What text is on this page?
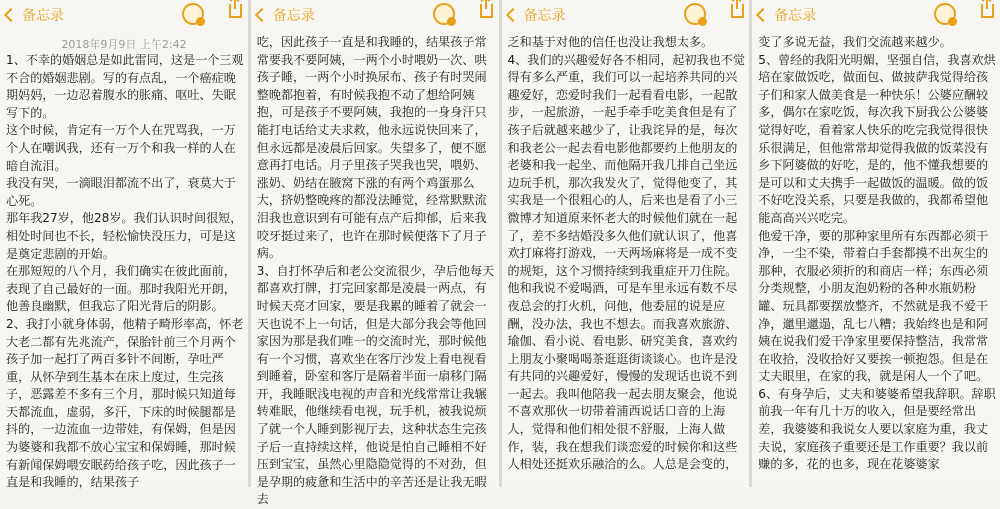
备忘录
2018年9月9日 上午2:42
1、不幸的婚姻总是如此雷同，这是一个三观不合的婚姻悲剧。写的有点乱，一个癌症晚期妈妈，一边忍着腹水的胀痛、呕吐、失眠写下的。
这个时候，肯定有一万个人在咒骂我，一万个人在嘲讽我，还有一万个和我一样的人在暗自流泪。
我没有哭，一滴眼泪都流不出了，衰莫大于心死。
那年我27岁，他28岁。我们认识时间很短，相处时间也不长，轻松愉快没压力，可是这是奠定悲剧的开始。
在那短短的八个月，我们确实在彼此面前，表现了自己最好的一面。那时我阳光开朗，他善良幽默，但我忘了阳光背后的阴影。
2、我打小就身体弱，他精子畸形率高，怀老大老二都有先兆流产，保胎针前三个月两个孩子加一起打了两百多针不间断，孕吐严重，从怀孕到生基本在床上度过，生完孩子，恶露差不多有三个月，那时候只知道每天都流血，虚弱，多汗，下床的时候腿都是抖的，一边流血一边带娃，有保姆，但是因为婆婆和我都不放心宝宝和保姆睡，那时候有新闻保姆喂安眠药给孩子吃，因此孩子一直是和我睡的，结果孩子
备忘录
吃，因此孩子一直是和我睡的，结果孩子常常要我不要阿姨，一两个小时喂奶一次、哄孩子睡，一两个小时换尿布、孩子有时哭闹整晚都抱着，有时候我抱不动了想给阿姨抱，可是孩子不要阿姨，我抱的一身身汗只能打电话给丈夫求救，他永远说快回来了，但永远都是凌晨后回家。失望多了，便不愿意再打电话。月子里孩子哭我也哭，喂奶、涨奶、奶结在腋窝下涨的有两个鸡蛋那么大，挤奶整晚疼的都没法睡觉，经常默默流泪我也意识到有可能有点产后抑郁，后来我咬牙挺过来了，也许在那时候便落下了月子病。
3、自打怀孕后和老公交流很少，孕后他每天都喜欢打牌，打完回家都是凌晨一两点，有时候天亮才回家，要是我累的睡着了就会一天也说不上一句话，但是大部分我会等他回家因为那是我们唯一的交流时光，那时候他有一个习惯，喜欢坐在客厅沙发上看电视看到睡着，卧室和客厅是隔着半面一扇移门隔开，我睡眠浅电视的声音和光线常常让我辗转难眠，他继续看电视，玩手机，被我说烦了就一个人睡到影视厅去，这种状态生完孩子后一直持续这样，他说是怕自己睡相不好压到宝宝，虽然心里隐隐觉得的不对劲，但是孕期的疲惫和生活中的辛苦还是让我无暇去
备忘录
乏和基于对他的信任也没让我想太多。
4、我们的兴趣爱好各不相同，起初我也不觉得有多么严重，我们可以一起培养共同的兴趣爱好，恋爱时我们一起看看电影，一起散步，一起旅游，一起手牵手吃美食但是有了孩子后就越来越少了，让我诧异的是，每次和我老公一起去看电影他都要约上他朋友的老婆和我一起坐、而他隔开我几排自己坐远边玩手机，那次我发火了，觉得他变了，其实我是一个很粗心的人，后来也是看了小三微博才知道原来怀老大的时候他们就在一起了，差不多结婚没多久他们就认识了，他喜欢打麻将打游戏，一天两场麻将是一成不变的规矩，这个习惯持续到我重症开刀住院。他和我说不爱喝酒，可是车里永远有数不尽夜总会的打火机，问他，他委屈的说是应酬，没办法，我也不想去。而我喜欢旅游、瑜伽、看小说、看电影、研究美食，喜欢约上朋友小聚喝喝茶逛逛街谈谈心。也许是没有共同的兴趣爱好，慢慢的发现话也说不到一起去。我叫他陪我一起去朋友聚会，他说不喜欢那伙一切带着浦西说话口音的上海人，觉得和他们相处很不舒服，上海人做作，装，我在想我们谈恋爱的时候你和这些人相处还挺欢乐融洽的么。人总是会变的，
备忘录
变了多说无益，我们交流越来越少。
5、曾经的我阳光明媚，坚强自信，我喜欢烘培在家做饭吃，做面包、做披萨我觉得给孩子们和家人做美食是一种快乐！公婆应酬较多，偶尔在家吃饭，每次我下厨我公公婆婆觉得好吃，看着家人快乐的吃完我觉得很快乐很满足，但他常常却觉得我做的饭菜没有乡下阿婆做的好吃，是的，他不懂我想要的是可以和丈夫携手一起做饭的温暖。做的饭不好吃没关系，只要是我做的，我都希望他能高高兴兴吃完。
他爱干净，要的那种家里所有东西都必须干净，一尘不染，带着白手套都摸不出灰尘的那种，衣服必须折的和商店一样；东西必须分类规整，小朋友泡奶粉的各种水瓶奶粉罐、玩具都要摆放整齐，不然就是我不爱干净，邋里邋遢，乱七八糟；我始终也是和阿姨在说我们爱干净家里要保持整洁，我常常在收拾，没收拾好又要挨一顿抱怨。但是在丈夫眼里，在家的我，就是闲人一个了吧。
6、有身孕后，丈夫和婆婆希望我辞职。辞职前我一年有几十万的收入，但是要经常出差，我婆婆和我说女人要以家庭为重，我丈夫说，家庭孩子重要还是工作重要？我以前赚的多，花的也多，现在花婆婆家
